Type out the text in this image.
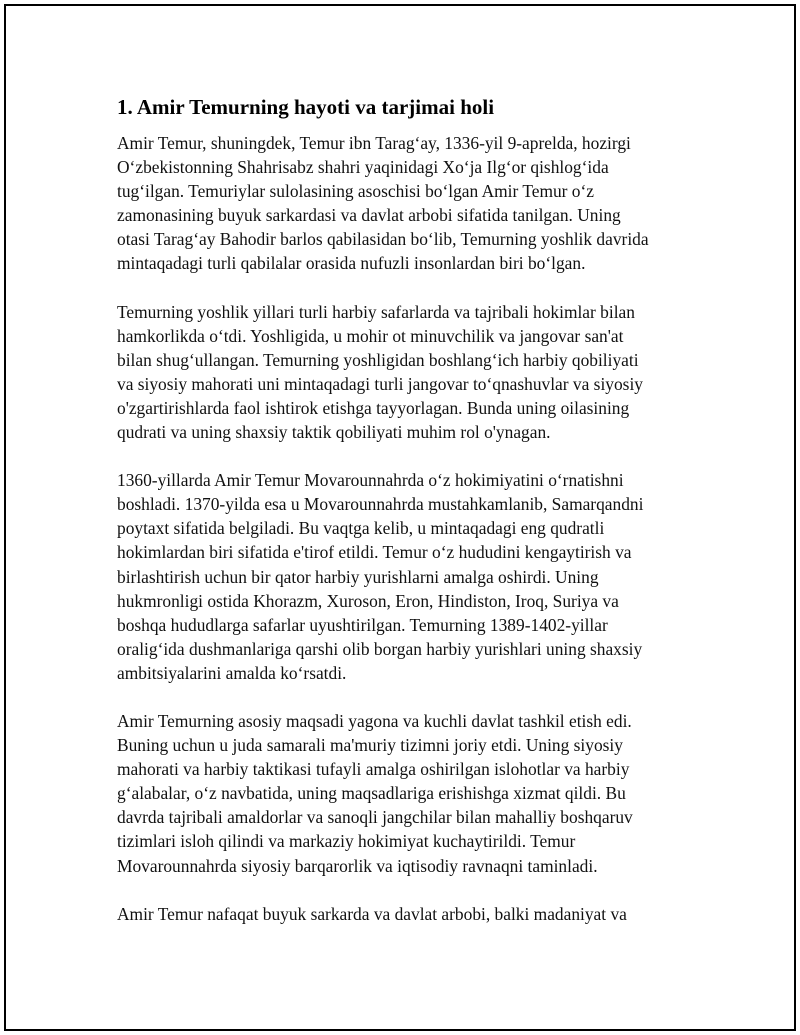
1. Amir Temurning hayoti va tarjimai holi
Amir Temur, shuningdek, Temur ibn Tarag‘ay, 1336-yil 9-aprelda, hozirgi
O‘zbekistonning Shahrisabz shahri yaqinidagi Xo‘ja Ilg‘or qishlog‘ida
tug‘ilgan. Temuriylar sulolasining asoschisi bo‘lgan Amir Temur o‘z
zamonasining buyuk sarkardasi va davlat arbobi sifatida tanilgan. Uning
otasi Tarag‘ay Bahodir barlos qabilasidan bo‘lib, Temurning yoshlik davrida
mintaqadagi turli qabilalar orasida nufuzli insonlardan biri bo‘lgan.
Temurning yoshlik yillari turli harbiy safarlarda va tajribali hokimlar bilan
hamkorlikda o‘tdi. Yoshligida, u mohir ot minuvchilik va jangovar san'at
bilan shug‘ullangan. Temurning yoshligidan boshlang‘ich harbiy qobiliyati
va siyosiy mahorati uni mintaqadagi turli jangovar to‘qnashuvlar va siyosiy
o'zgartirishlarda faol ishtirok etishga tayyorlagan. Bunda uning oilasining
qudrati va uning shaxsiy taktik qobiliyati muhim rol o'ynagan.
1360-yillarda Amir Temur Movarounnahrda o‘z hokimiyatini o‘rnatishni
boshladi. 1370-yilda esa u Movarounnahrda mustahkamlanib, Samarqandni
poytaxt sifatida belgiladi. Bu vaqtga kelib, u mintaqadagi eng qudratli
hokimlardan biri sifatida e'tirof etildi. Temur o‘z hududini kengaytirish va
birlashtirish uchun bir qator harbiy yurishlarni amalga oshirdi. Uning
hukmronligi ostida Khorazm, Xuroson, Eron, Hindiston, Iroq, Suriya va
boshqa hududlarga safarlar uyushtirilgan. Temurning 1389-1402-yillar
oralig‘ida dushmanlariga qarshi olib borgan harbiy yurishlari uning shaxsiy
ambitsiyalarini amalda ko‘rsatdi.
Amir Temurning asosiy maqsadi yagona va kuchli davlat tashkil etish edi.
Buning uchun u juda samarali ma'muriy tizimni joriy etdi. Uning siyosiy
mahorati va harbiy taktikasi tufayli amalga oshirilgan islohotlar va harbiy
g‘alabalar, o‘z navbatida, uning maqsadlariga erishishga xizmat qildi. Bu
davrda tajribali amaldorlar va sanoqli jangchilar bilan mahalliy boshqaruv
tizimlari isloh qilindi va markaziy hokimiyat kuchaytirildi. Temur
Movarounnahrda siyosiy barqarorlik va iqtisodiy ravnaqni taminladi.
Amir Temur nafaqat buyuk sarkarda va davlat arbobi, balki madaniyat va
